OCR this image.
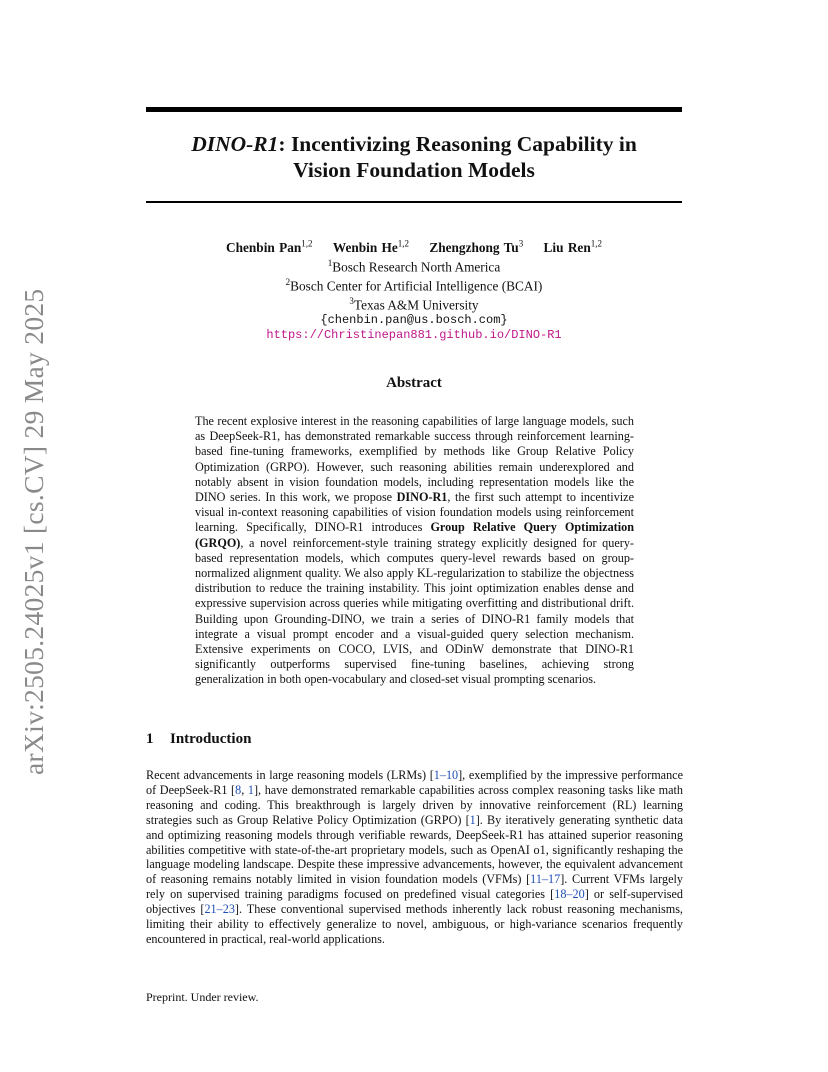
arXiv:2505.24025v1 [cs.CV] 29 May 2025
DINO-R1: Incentivizing Reasoning Capability in
Vision Foundation Models
Chenbin Pan$^{1,2}$ Wenbin He$^{1,2}$ Zhengzhong Tu$^3$ Liu Ren$^{1,2}$
$^1$Bosch Research North America
$^2$Bosch Center for Artificial Intelligence (BCAI)
$^3$Texas A&M University
{chenbin.pan@us.bosch.com}
https://Christinepan881.github.io/DINO-R1
Abstract
The recent explosive interest in the reasoning capabilities of large language models, such as DeepSeek-R1, has demonstrated remarkable success through reinforcement learning-based fine-tuning frameworks, exemplified by methods like Group Relative Policy Optimization (GRPO). However, such reasoning abilities remain underexplored and notably absent in vision foundation models, including representation models like the DINO series. In this work, we propose DINO-R1, the first such attempt to incentivize visual in-context reasoning capabilities of vision foundation models using reinforcement learning. Specifically, DINO-R1 introduces Group Relative Query Optimization (GRQO), a novel reinforcement-style training strategy explicitly designed for query-based representation models, which computes query-level rewards based on group-normalized alignment quality. We also apply KL-regularization to stabilize the objectness distribution to reduce the training instability. This joint optimization enables dense and expressive supervision across queries while mitigating overfitting and distributional drift. Building upon Grounding-DINO, we train a series of DINO-R1 family models that integrate a visual prompt encoder and a visual-guided query selection mechanism. Extensive experiments on COCO, LVIS, and ODinW demonstrate that DINO-R1 significantly outperforms supervised fine-tuning baselines, achieving strong generalization in both open-vocabulary and closed-set visual prompting scenarios.
1 Introduction
Recent advancements in large reasoning models (LRMs) [1–10], exemplified by the impressive performance of DeepSeek-R1 [8, 1], have demonstrated remarkable capabilities across complex reasoning tasks like math reasoning and coding. This breakthrough is largely driven by innovative reinforcement (RL) learning strategies such as Group Relative Policy Optimization (GRPO) [1]. By iteratively generating synthetic data and optimizing reasoning models through verifiable rewards, DeepSeek-R1 has attained superior reasoning abilities competitive with state-of-the-art proprietary models, such as OpenAI o1, significantly reshaping the language modeling landscape. Despite these impressive advancements, however, the equivalent advancement of reasoning remains notably limited in vision foundation models (VFMs) [11–17]. Current VFMs largely rely on supervised training paradigms focused on predefined visual categories [18–20] or self-supervised objectives [21–23]. These conventional supervised methods inherently lack robust reasoning mechanisms, limiting their ability to effectively generalize to novel, ambiguous, or high-variance scenarios frequently encountered in practical, real-world applications.
Preprint. Under review.
